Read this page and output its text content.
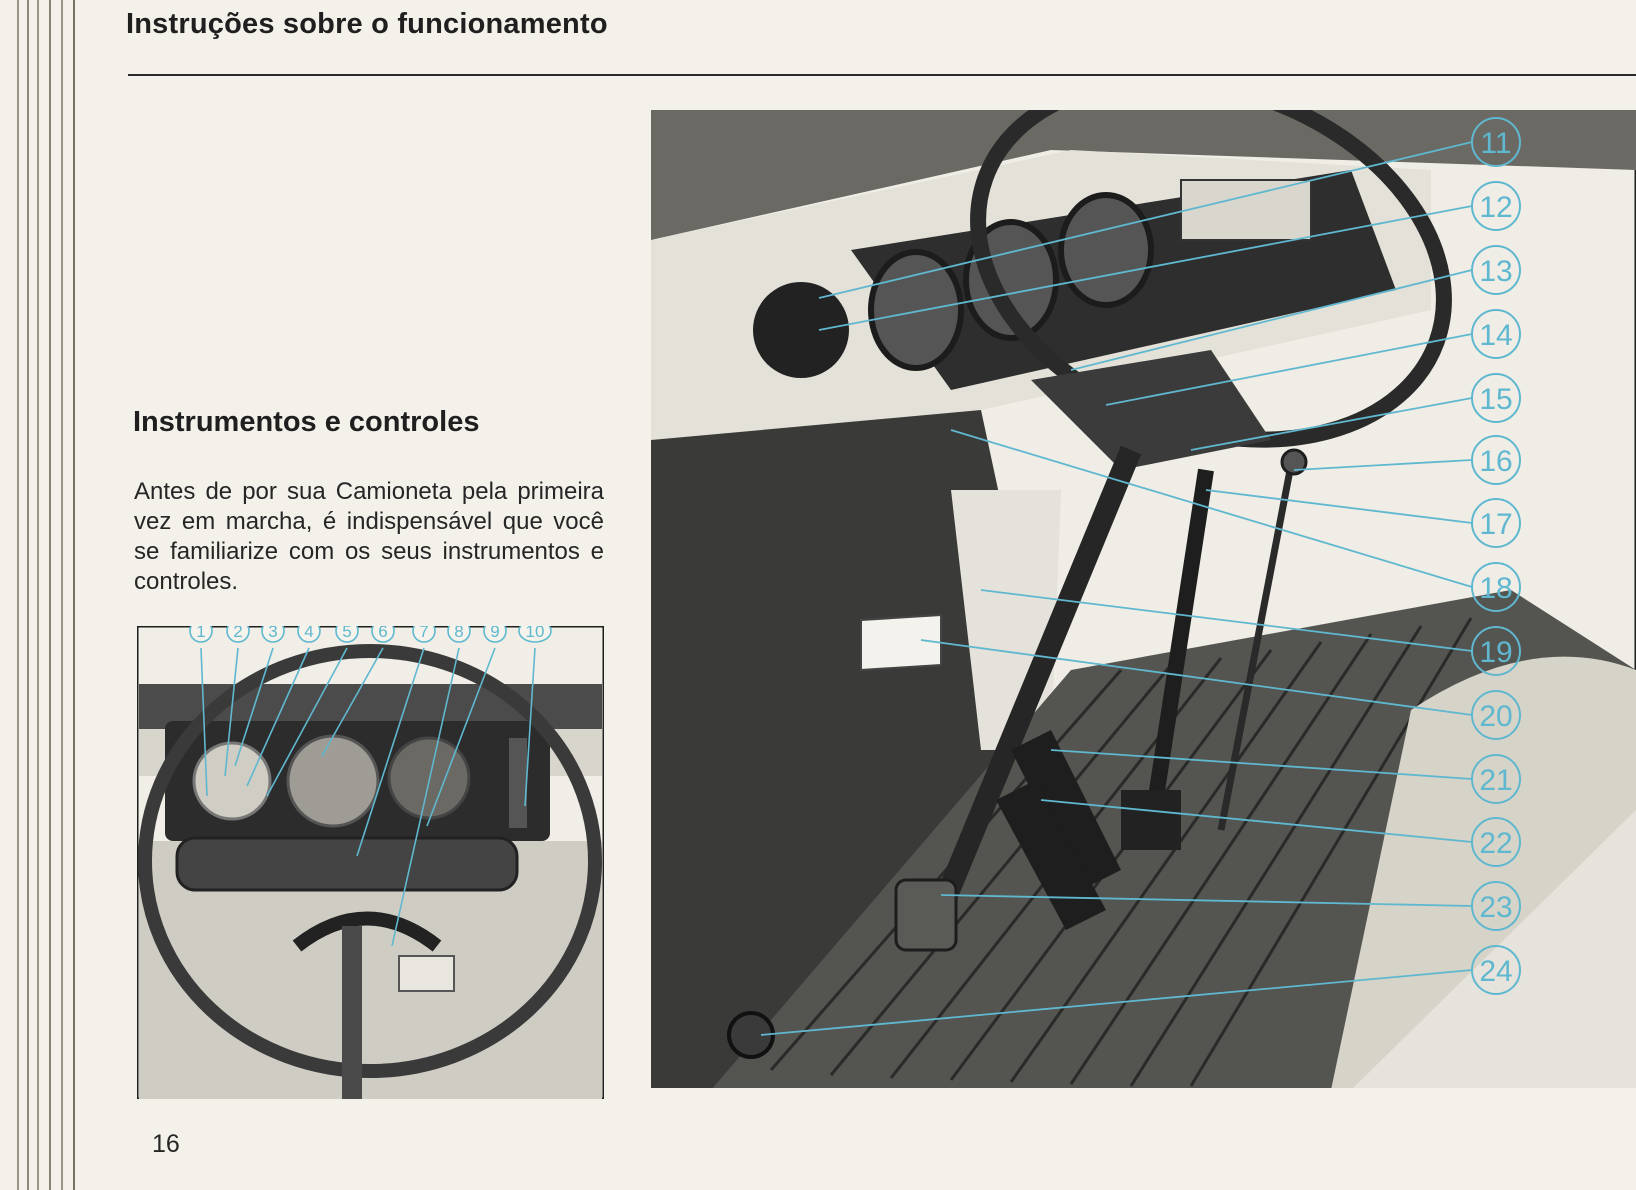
Instruções sobre o funcionamento
Instrumentos e controles

Antes de por sua Camioneta pela primeira vez em marcha, é indispensável que você se familiarize com os seus instrumentos e controles.

1 2 3 4 5 6 7 8 9 10
11
12
13
14
15
16
17
18
19
20
21
22
23
24
16
